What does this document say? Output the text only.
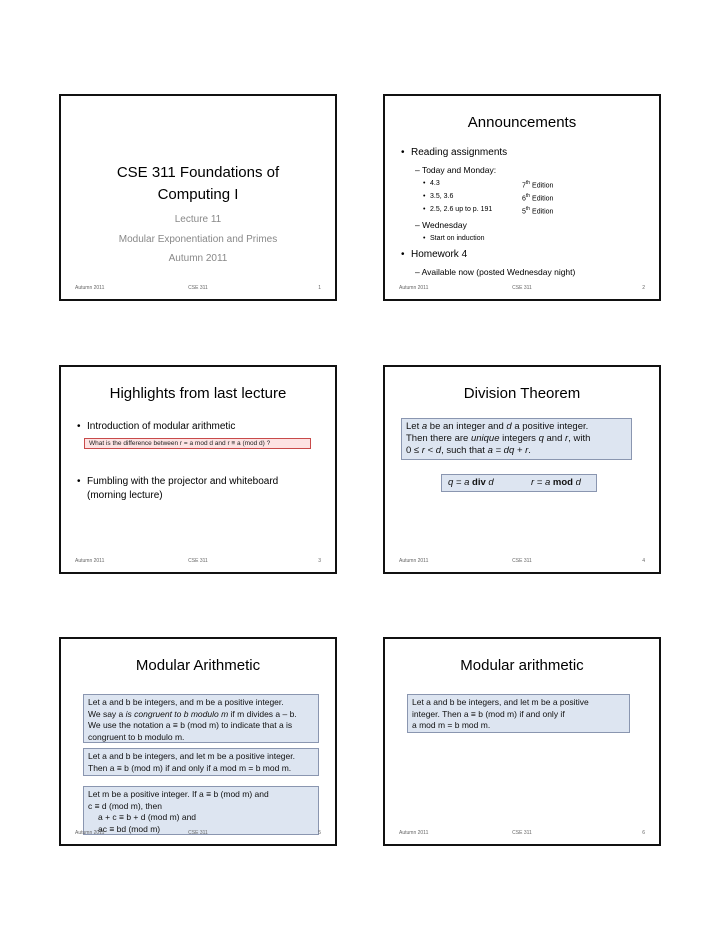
CSE 311 Foundations of
Computing I
Lecture 11
Modular Exponentiation and Primes
Autumn 2011
Autumn 2011	CSE 311	1
Announcements
• Reading assignments
– Today and Monday:
• 4.3	7th Edition
• 3.5, 3.6	6th Edition
• 2.5, 2.6 up to p. 191	5th Edition
– Wednesday
• Start on induction
• Homework 4
– Available now (posted Wednesday night)
Autumn 2011	CSE 311	2
Highlights from last lecture
• Introduction of modular arithmetic
What is the difference between r = a mod d and r ≡ a (mod d) ?
• Fumbling with the projector and whiteboard
(morning lecture)
Autumn 2011	CSE 311	3
Division Theorem
Let a be an integer and d a positive integer.
Then there are unique integers q and r, with
0 ≤ r < d, such that a = dq + r.
q = a div d	r = a mod d
Autumn 2011	CSE 311	4
Modular Arithmetic
Let a and b be integers, and m be a positive integer.
We say a is congruent to b modulo m if m divides a – b.
We use the notation a ≡ b (mod m) to indicate that a is
congruent to b modulo m.
Let a and b be integers, and let m be a positive integer.
Then a ≡ b (mod m) if and only if a mod m = b mod m.
Let m be a positive integer. If a ≡ b (mod m) and
c ≡ d (mod m), then
a + c ≡ b + d (mod m) and
ac ≡ bd (mod m)
Autumn 2011	CSE 311	5
Modular arithmetic
Let a and b be integers, and let m be a positive
integer. Then a ≡ b (mod m) if and only if
a mod m = b mod m.
Autumn 2011	CSE 311	6
